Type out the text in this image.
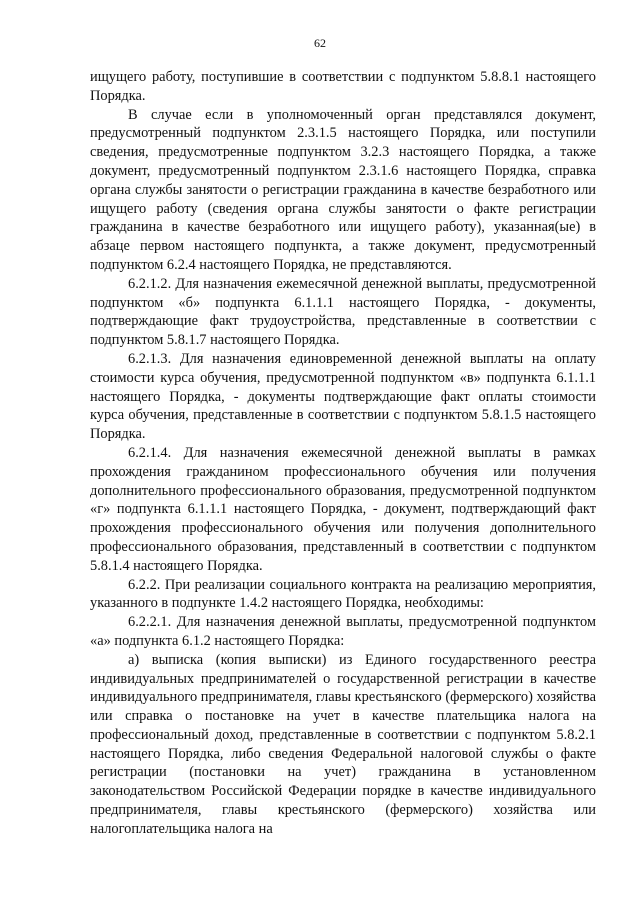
62

ищущего работу, поступившие в соответствии с подпунктом 5.8.8.1 настоящего Порядка.

В случае если в уполномоченный орган представлялся документ, предусмотренный подпунктом 2.3.1.5 настоящего Порядка, или поступили сведения, предусмотренные подпунктом 3.2.3 настоящего Порядка, а также документ, предусмотренный подпунктом 2.3.1.6 настоящего Порядка, справка органа службы занятости о регистрации гражданина в качестве безработного или ищущего работу (сведения органа службы занятости о факте регистрации гражданина в качестве безработного или ищущего работу), указанная(ые) в абзаце первом настоящего подпункта, а также документ, предусмотренный подпунктом 6.2.4 настоящего Порядка, не представляются.

6.2.1.2. Для назначения ежемесячной денежной выплаты, предусмотренной подпунктом «б» подпункта 6.1.1.1 настоящего Порядка, - документы, подтверждающие факт трудоустройства, представленные в соответствии с подпунктом 5.8.1.7 настоящего Порядка.

6.2.1.3. Для назначения единовременной денежной выплаты на оплату стоимости курса обучения, предусмотренной подпунктом «в» подпункта 6.1.1.1 настоящего Порядка, - документы подтверждающие факт оплаты стоимости курса обучения, представленные в соответствии с подпунктом 5.8.1.5 настоящего Порядка.

6.2.1.4. Для назначения ежемесячной денежной выплаты в рамках прохождения гражданином профессионального обучения или получения дополнительного профессионального образования, предусмотренной подпунктом «г» подпункта 6.1.1.1 настоящего Порядка, - документ, подтверждающий факт прохождения профессионального обучения или получения дополнительного профессионального образования, представленный в соответствии с подпунктом 5.8.1.4 настоящего Порядка.

6.2.2. При реализации социального контракта на реализацию мероприятия, указанного в подпункте 1.4.2 настоящего Порядка, необходимы:

6.2.2.1. Для назначения денежной выплаты, предусмотренной подпунктом «а» подпункта 6.1.2 настоящего Порядка:

а) выписка (копия выписки) из Единого государственного реестра индивидуальных предпринимателей о государственной регистрации в качестве индивидуального предпринимателя, главы крестьянского (фермерского) хозяйства или справка о постановке на учет в качестве плательщика налога на профессиональный доход, представленные в соответствии с подпунктом 5.8.2.1 настоящего Порядка, либо сведения Федеральной налоговой службы о факте регистрации (постановки на учет) гражданина в установленном законодательством Российской Федерации порядке в качестве индивидуального предпринимателя, главы крестьянского (фермерского) хозяйства или налогоплательщика налога на
